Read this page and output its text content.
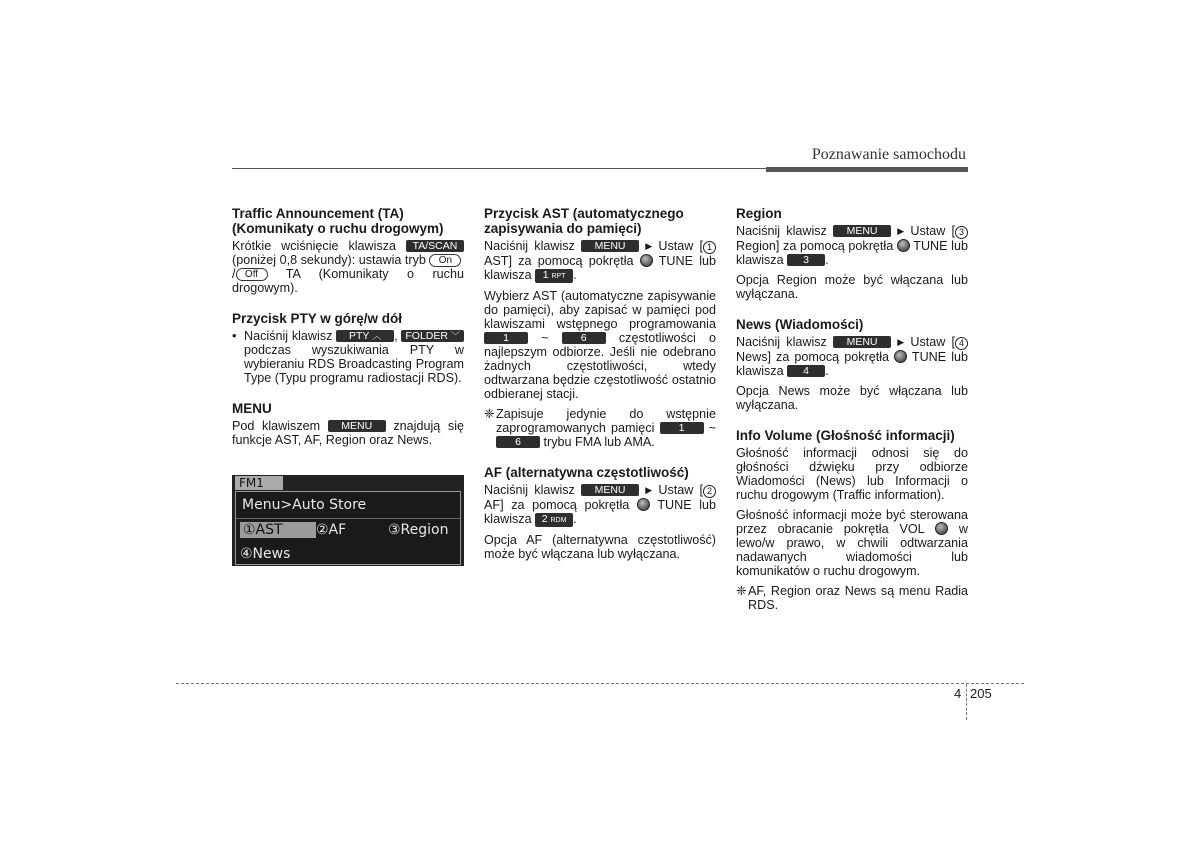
Poznawanie samochodu
Traffic Announcement (TA) (Komunikaty o ruchu drogowym)

Krótkie wciśnięcie klawisza TA/SCAN (poniżej 0,8 sekundy): ustawia tryb On
/ Off TA (Komunikaty o ruchu drogowym).

Przycisk PTY w górę/w dół
• Naciśnij klawisz PTY ︿ , FOLDER ﹀ podczas wyszukiwania PTY w wybieraniu RDS Broadcasting Program Type (Typu programu radiostacji RDS).
MENU

Pod klawiszem MENU znajdują się funkcje AST, AF, Region oraz News.

FM1
Menu>Auto Store
①AST	②AF	③Region
④News
Przycisk AST (automatycznego zapisywania do pamięci)

Naciśnij klawisz MENU ▶ Ustaw [ 1 AST] za pomocą pokrętła TUNE lub klawisza 1 RPT .

Wybierz AST (automatyczne zapisywanie do pamięci), aby zapisać w pamięci pod klawiszami wstępnego programowania 1	~	6	częstotliwości o najlepszym odbiorze. Jeśli nie odebrano żadnych częstotliwości, wtedy odtwarzana będzie częstotliwość ostatnio odbieranej stacji.

❈ Zapisuje jedynie do wstępnie zaprogramowanych pamięci 1 ~ 6 trybu FMA lub AMA.
AF (alternatywna częstotliwość)

Naciśnij klawisz MENU ▶ Ustaw [ 2AF] za pomocą pokrętła TUNE lub klawisza 2 RDM .

Opcja AF (alternatywna częstotliwość) może być włączana lub wyłączana.

Region

Naciśnij klawisz MENU ▶ Ustaw [ 3 Region] za pomocą pokrętła TUNE lub klawisza 3 .

Opcja Region może być włączana lub wyłączana.

News (Wiadomości)

Naciśnij klawisz MENU ▶ Ustaw [ 4 News] za pomocą pokrętła TUNE lub klawisza 4 .

Opcja News może być włączana lub wyłączana.

Info Volume (Głośność informacji)

Głośność informacji odnosi się do głośności dźwięku przy odbiorze Wiadomości (News) lub Informacji o ruchu drogowym (Traffic information).

Głośność informacji może być sterowana przez obracanie pokrętła VOL	w lewo/w prawo, w chwili odtwarzania nadawanych wiadomości lub komunikatów o ruchu drogowym.

❈ AF, Region oraz News są menu Radia RDS.
4 205
